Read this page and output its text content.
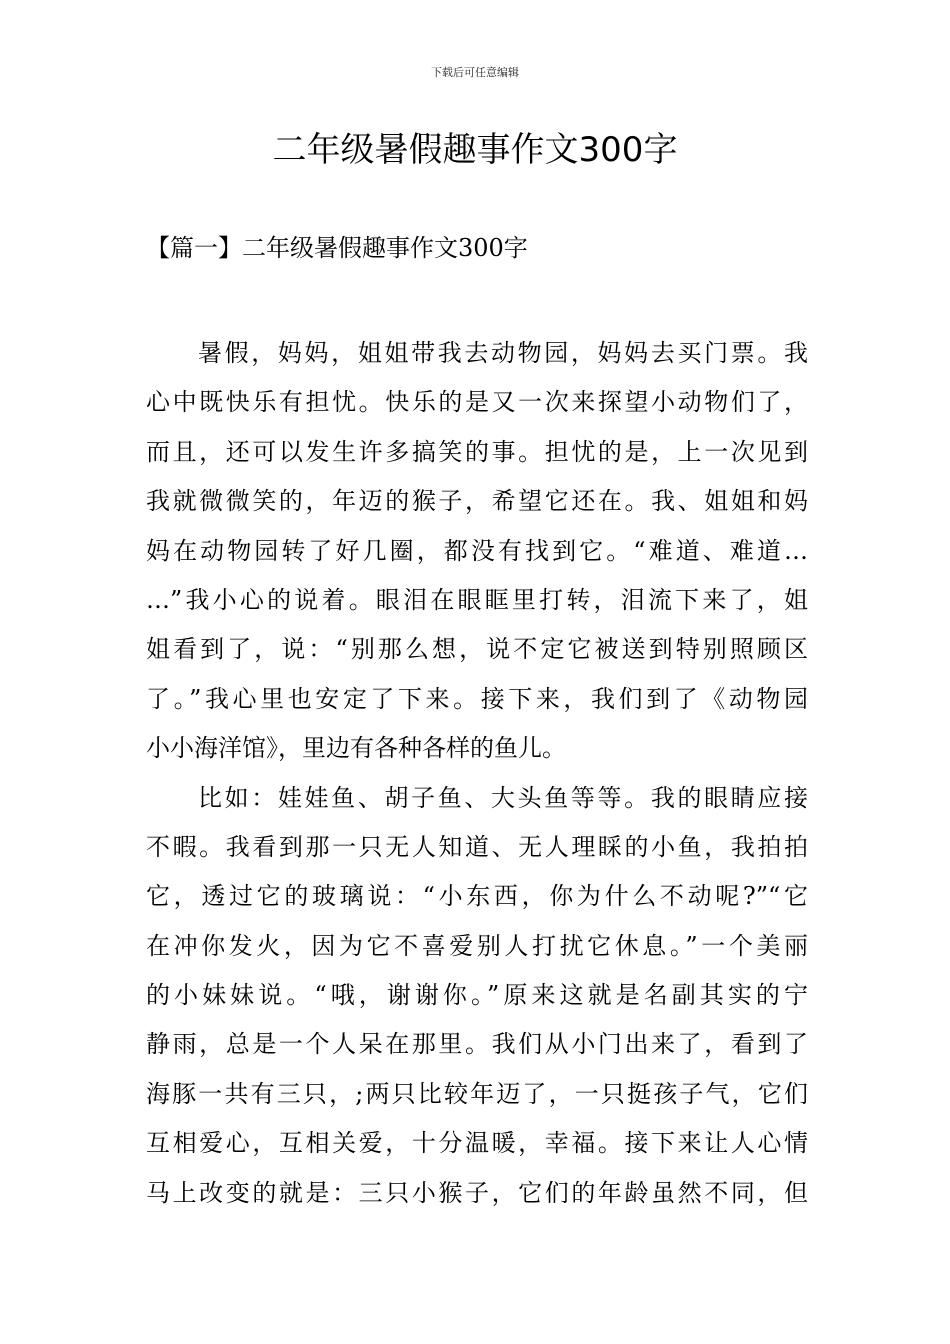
下载后可任意编辑
二年级暑假趣事作文300字
【篇一】二年级暑假趣事作文300字
暑假，妈妈，姐姐带我去动物园，妈妈去买门票。我
心中既快乐有担忧。快乐的是又一次来探望小动物们了，
而且，还可以发生许多搞笑的事。担忧的是，上一次见到
我就微微笑的，年迈的猴子，希望它还在。我、姐姐和妈
妈在动物园转了好几圈，都没有找到它。“难道、难道…
…”我小心的说着。眼泪在眼眶里打转，泪流下来了，姐
姐看到了，说：“别那么想，说不定它被送到特别照顾区
了。”我心里也安定了下来。接下来，我们到了《动物园
小小海洋馆》，里边有各种各样的鱼儿。
比如：娃娃鱼、胡子鱼、大头鱼等等。我的眼睛应接
不暇。我看到那一只无人知道、无人理睬的小鱼，我拍拍
它，透过它的玻璃说：“小东西，你为什么不动呢?”“它
在冲你发火，因为它不喜爱别人打扰它休息。”一个美丽
的小妹妹说。“哦，谢谢你。”原来这就是名副其实的宁
静雨，总是一个人呆在那里。我们从小门出来了，看到了
海豚一共有三只，;两只比较年迈了，一只挺孩子气，它们
互相爱心，互相关爱，十分温暖，幸福。接下来让人心情
马上改变的就是：三只小猴子，它们的年龄虽然不同，但
